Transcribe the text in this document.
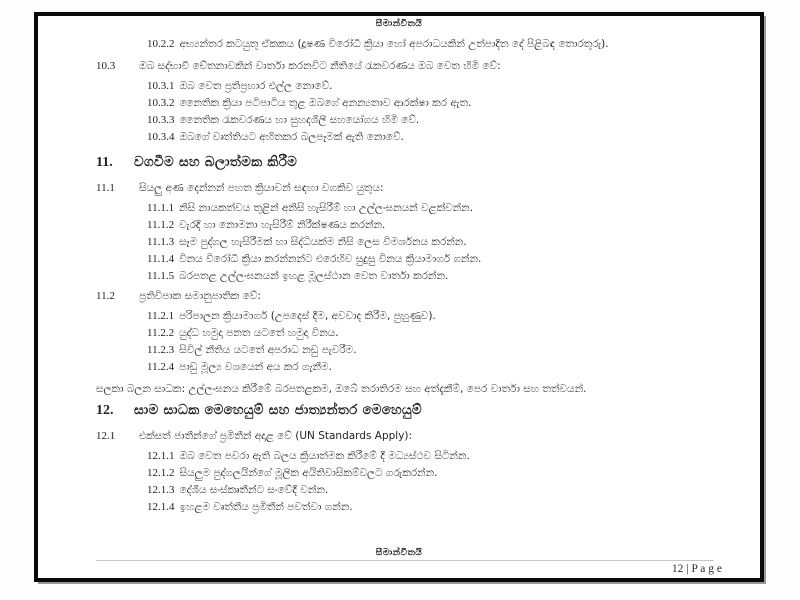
සීමාන්විතයි

10.2.2 අභ්‍යන්තර කටයුතු ඒකකය (දූෂණ විරෝධී ක්‍රියා හෝ අපරාධයකින් උත්පාදිත දේ පිළිබඳ තොරතුරු).

10.3	ඔබ සද්භාවී චේතනාවකින් වාර්තා කරනවිට නීතියේ රැකවරණය ඔබ වෙත හිමි වේ:

10.3.1 ඔබ වෙත ප්‍රතිප්‍රහාර එල්ල නොවේ.

10.3.2 නෛතික ක්‍රියා පටිපාටිය තුළ ඔබගේ අනන්‍යතාව ආරක්ෂා කර ඇත.

10.3.3 නෛතික රැකවරණය හා සුහදශීලී සහයෝගය හිමි වේ.

10.3.4 ඔබගේ වෘත්තියට අහිතකර බලපෑමක් ඇති නොවේ.

11.	වගවීම සහ බලාත්මක කිරීම
11.1	සියලු අණ දෙන්නන් පහත ක්‍රියාවන් සඳහා වගකිව යුතුය:

11.1.1 නිසි නායකත්වය තුළින් අනිසි හැසිරීම් හා උල්ලංඝනයන් වළක්වන්න.

11.1.2 වැරදි හා නොමනා හැසිරීම් නිරීක්ෂණය කරන්න.

11.1.3 සෑම පුද්ගල හැසිරීමක් හා සිද්ධියක්ම නිසි ලෙස විමර්ශනය කරන්න.

11.1.4 විනය විරෝධී ක්‍රියා කරන්නන්ට එරෙහිව සුදුසු විනය ක්‍රියාමාර්ග ගන්න.

11.1.5 බරපතළ උල්ලංඝනයන් ඉහළ මූලස්ථාන වෙත වාර්තා කරන්න.

11.2	ප්‍රතිවිපාක සමානුපාතික වේ:

11.2.1 පරිපාලන ක්‍රියාමාර්ග (උපදෙස් දීම, අවවාද කිරීම, පුහුණුව).

11.2.2 යුද්ධ හමුදා පනත යටතේ හමුදා විනය.

11.2.3 සිවිල් නීතිය යටතේ අපරාධ නඩු පැවරීම.

11.2.4 පාඩු මූල්‍ය වශයෙන් අය කර ගැනීම.

සලකා බලන සාධක: උල්ලංඝනය කිරීමේ බරපතළකම, ඔබේ තරාතිරම සහ අත්දැකීම්, පෙර වාර්තා සහ තත්වයන්.

12.	සාම සාධක මෙහෙයුම් සහ ජාත්‍යන්තර මෙහෙයුම්
12.1	එක්සත් ජාතීන්ගේ ප්‍රමිතීන් අදාළ වේ (UN Standards Apply):

12.1.1 ඔබ වෙත පවරා ඇති බලය ක්‍රියාත්මක කිරීමේ දී මධ්‍යස්ථව සිටින්න.

12.1.2 සියලුම පුද්ගලයින්ගේ මූලික අයිතිවාසිකම්වලට ගරුකරන්න.

12.1.3 දේශීය සංස්කෘතීන්ට සංවේදී වන්න.

12.1.4 ඉහළම වෘත්තීය ප්‍රමිතීන් පවත්වා ගන්න.

සීමාන්විතයි
12 | P a g e
